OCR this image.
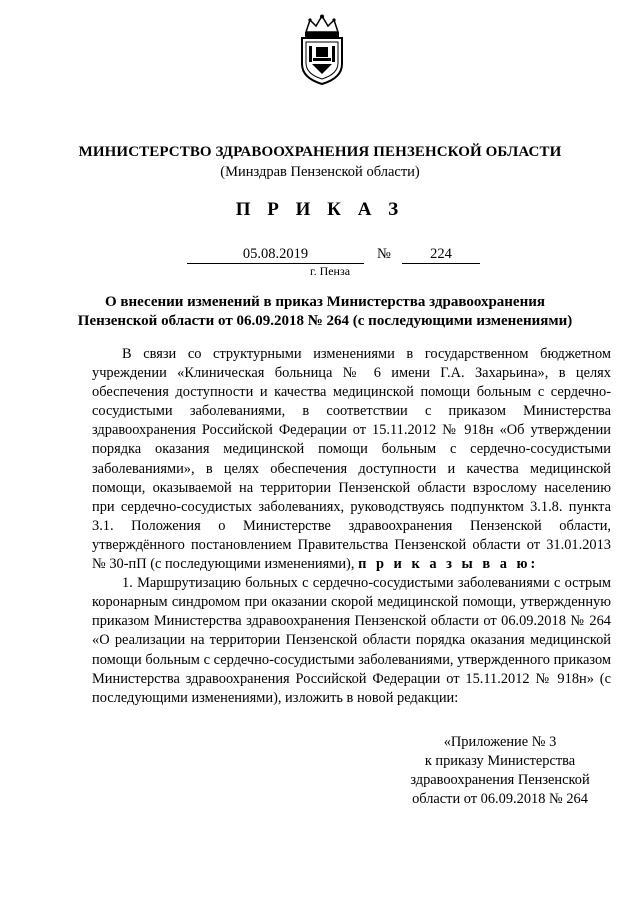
МИНИСТЕРСТВО ЗДРАВООХРАНЕНИЯ ПЕНЗЕНСКОЙ ОБЛАСТИ
(Минздрав Пензенской области)
П Р И К А З
05.08.2019	№	224
г. Пенза
О внесении изменений в приказ Министерства здравоохранения
Пензенской области от 06.09.2018 № 264 (с последующими изменениями)

В связи со структурными изменениями в государственном бюджетном учреждении «Клиническая больница № 6 имени Г.А. Захарьина», в целях обеспечения доступности и качества медицинской помощи больным с сердечно-сосудистыми заболеваниями, в соответствии с приказом Министерства здравоохранения Российской Федерации от 15.11.2012 № 918н «Об утверждении порядка оказания медицинской помощи больным с сердечно-сосудистыми заболеваниями», в целях обеспечения доступности и качества медицинской помощи, оказываемой на территории Пензенской области взрослому населению при сердечно-сосудистых заболеваниях, руководствуясь подпунктом 3.1.8. пункта 3.1. Положения о Министерстве здравоохранения Пензенской области, утверждённого постановлением Правительства Пензенской области от 31.01.2013 № 30-пП (с последующими изменениями), п р и к а з ы в а ю:

1. Маршрутизацию больных с сердечно-сосудистыми заболеваниями с острым коронарным синдромом при оказании скорой медицинской помощи, утвержденную приказом Министерства здравоохранения Пензенской области от 06.09.2018 № 264 «О реализации на территории Пензенской области порядка оказания медицинской помощи больным с сердечно-сосудистыми заболеваниями, утвержденного приказом Министерства здравоохранения Российской Федерации от 15.11.2012 № 918н» (с последующими изменениями), изложить в новой редакции:

«Приложение № 3
к приказу Министерства
здравоохранения Пензенской
области от 06.09.2018 № 264
